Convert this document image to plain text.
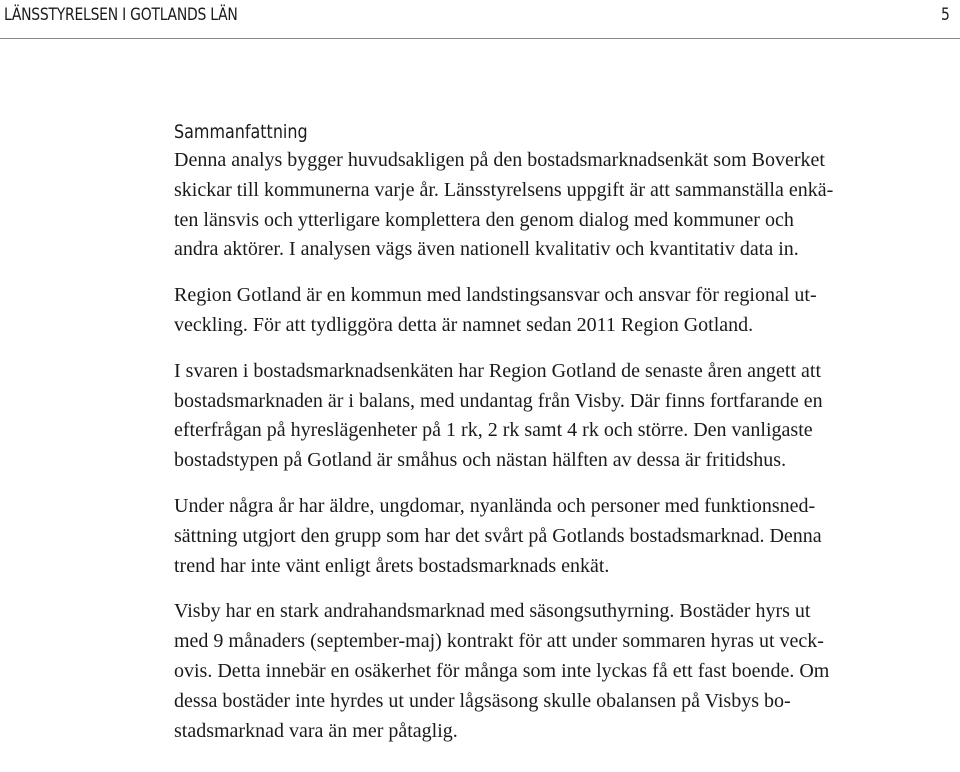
LÄNSSTYRELSEN I GOTLANDS LÄN	5
Sammanfattning

Denna analys bygger huvudsakligen på den bostadsmarknadsenkät som Boverket
skickar till kommunerna varje år. Länsstyrelsens uppgift är att sammanställa enkä-
ten länsvis och ytterligare komplettera den genom dialog med kommuner och
andra aktörer. I analysen vägs även nationell kvalitativ och kvantitativ data in.

Region Gotland är en kommun med landstingsansvar och ansvar för regional ut-
veckling. För att tydliggöra detta är namnet sedan 2011 Region Gotland.

I svaren i bostadsmarknadsenkäten har Region Gotland de senaste åren angett att
bostadsmarknaden är i balans, med undantag från Visby. Där finns fortfarande en
efterfrågan på hyreslägenheter på 1 rk, 2 rk samt 4 rk och större. Den vanligaste
bostadstypen på Gotland är småhus och nästan hälften av dessa är fritidshus.

Under några år har äldre, ungdomar, nyanlända och personer med funktionsned-
sättning utgjort den grupp som har det svårt på Gotlands bostadsmarknad. Denna
trend har inte vänt enligt årets bostadsmarknads enkät.

Visby har en stark andrahandsmarknad med säsongsuthyrning. Bostäder hyrs ut
med 9 månaders (september-maj) kontrakt för att under sommaren hyras ut veck-
ovis. Detta innebär en osäkerhet för många som inte lyckas få ett fast boende. Om
dessa bostäder inte hyrdes ut under lågsäsong skulle obalansen på Visbys bo-
stadsmarknad vara än mer påtaglig.
